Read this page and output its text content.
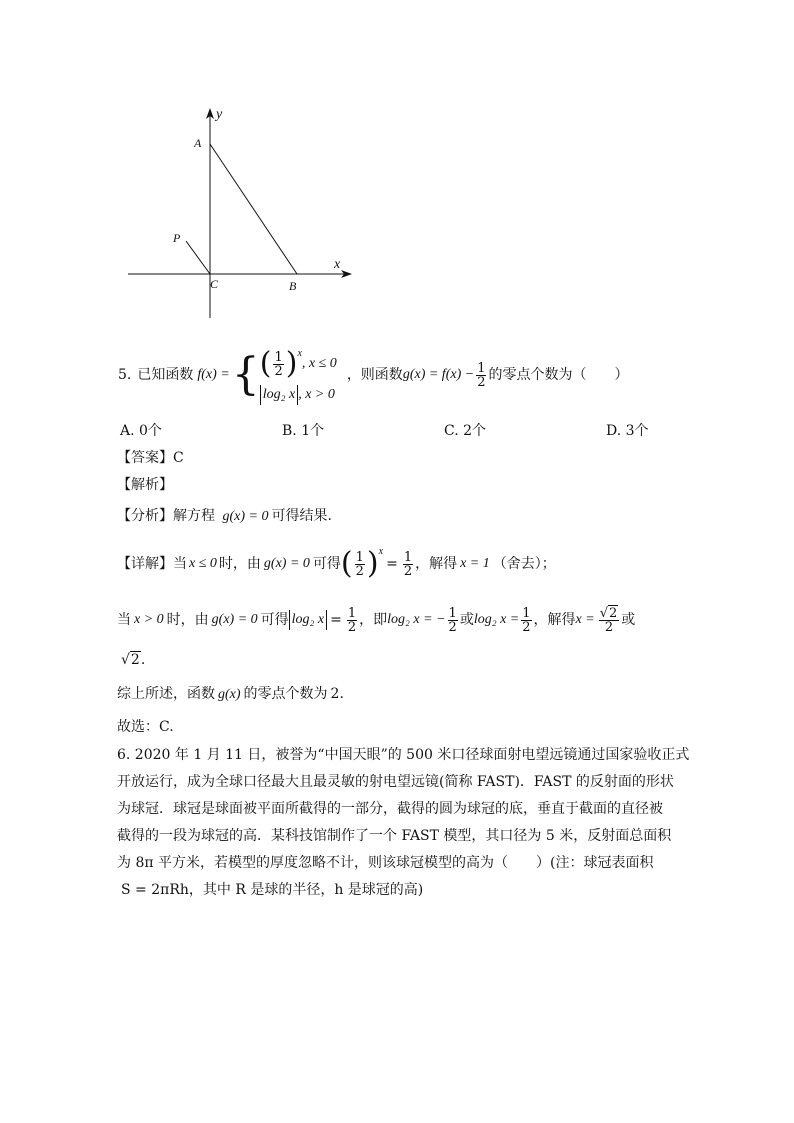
y
x
A
P
C	B
5. 已知函数 f(x) = { ( $\frac{1}{2} )^x$
, x ≤ 0
log₂ x , x > 0
，则函数 $g(x) = f(x) - \frac{1}{2}$ 的零点个数为（　　）
A. 0个	B. 1个	C. 2个	D. 3个
【答案】C
【解析】
【分析】解方程 g(x) = 0 可得结果.
【详解】 当 x ≤ 0 时，由 g(x) = 0 可得 ( $\frac{1}{2} )^x$
= $\frac{1}{2}$ ，解得 x = 1 （舍去）；
当 x > 0 时，由 g(x) = 0 可得 log₂ $x = \frac{1}{2}$ ，即 log₂ x = − $\frac{1}{2}$ 或 log₂ $x = \frac{1}{2}$ ，解得 $x = \frac{√2}{2}$ 或
√2.
综上所述，函数 g(x) 的零点个数为 2.
故选：C.
6. 2020 年 1 月 11 日，被誉为“中国天眼”的 500 米口径球面射电望远镜通过国家验收正式
开放运行，成为全球口径最大且最灵敏的射电望远镜(简称 FAST)．FAST 的反射面的形状
为球冠．球冠是球面被平面所截得的一部分，截得的圆为球冠的底，垂直于截面的直径被
截得的一段为球冠的高．某科技馆制作了一个 FAST 模型，其口径为 5 米，反射面总面积
为 8π 平方米，若模型的厚度忽略不计，则该球冠模型的高为（　　）(注：球冠表面积
S = 2πRh，其中 R 是球的半径，h 是球冠的高)
